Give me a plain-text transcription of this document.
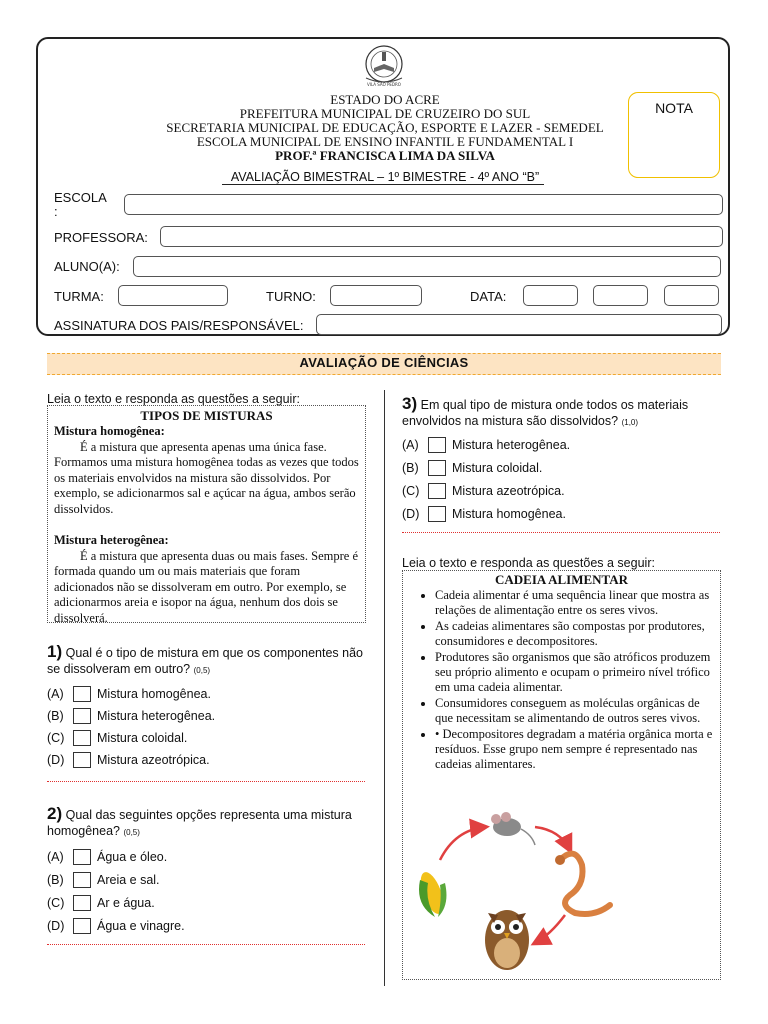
VILA SÃO PEDRO
ESTADO DO ACRE
PREFEITURA MUNICIPAL DE CRUZEIRO DO SUL
SECRETARIA MUNICIPAL DE EDUCAÇÃO, ESPORTE E LAZER - SEMEDEL
ESCOLA MUNICIPAL DE ENSINO INFANTIL E FUNDAMENTAL I
PROF.ª FRANCISCA LIMA DA SILVA
AVALIAÇÃO BIMESTRAL – 1º BIMESTRE - 4º ANO “B”
NOTA
ESCOLA
:
PROFESSORA:
ALUNO(A):
TURMA:	TURNO:	DATA:
ASSINATURA DOS PAIS/RESPONSÁVEL:
AVALIAÇÃO DE CIÊNCIAS
Leia o texto e responda as questões a seguir:
TIPOS DE MISTURAS
Mistura homogênea:
É a mistura que apresenta apenas uma única fase. Formamos uma mistura homogênea todas as vezes que todos os materiais envolvidos na mistura são dissolvidos. Por exemplo, se adicionarmos sal e açúcar na água, ambos serão dissolvidos.
Mistura heterogênea:
É a mistura que apresenta duas ou mais fases. Sempre é formada quando um ou mais materiais que foram adicionados não se dissolveram em outro. Por exemplo, se adicionarmos areia e isopor na água, nenhum dos dois se dissolverá.
1) Qual é o tipo de mistura em que os componentes não se dissolveram em outro? (0,5)
(A)	Mistura homogênea.
(B)	Mistura heterogênea.
(C)	Mistura coloidal.
(D)	Mistura azeotrópica.
2) Qual das seguintes opções representa uma mistura homogênea? (0,5)
(A)	Água e óleo.
(B)	Areia e sal.
(C)	Ar e água.
(D)	Água e vinagre.
3) Em qual tipo de mistura onde todos os materiais envolvidos na mistura são dissolvidos? (1,0)
(A)	Mistura heterogênea.
(B)	Mistura coloidal.
(C)	Mistura azeotrópica.
(D)	Mistura homogênea.
Leia o texto e responda as questões a seguir:
CADEIA ALIMENTAR
• Cadeia alimentar é uma sequência linear que mostra as relações de alimentação entre os seres vivos.
• As cadeias alimentares são compostas por produtores, consumidores e decompositores.
• Produtores são organismos que são atróficos produzem seu próprio alimento e ocupam o primeiro nível trófico em uma cadeia alimentar.
• Consumidores conseguem as moléculas orgânicas de que necessitam se alimentando de outros seres vivos.
• • Decompositores degradam a matéria orgânica morta e resíduos. Esse grupo nem sempre é representado nas cadeias alimentares.
